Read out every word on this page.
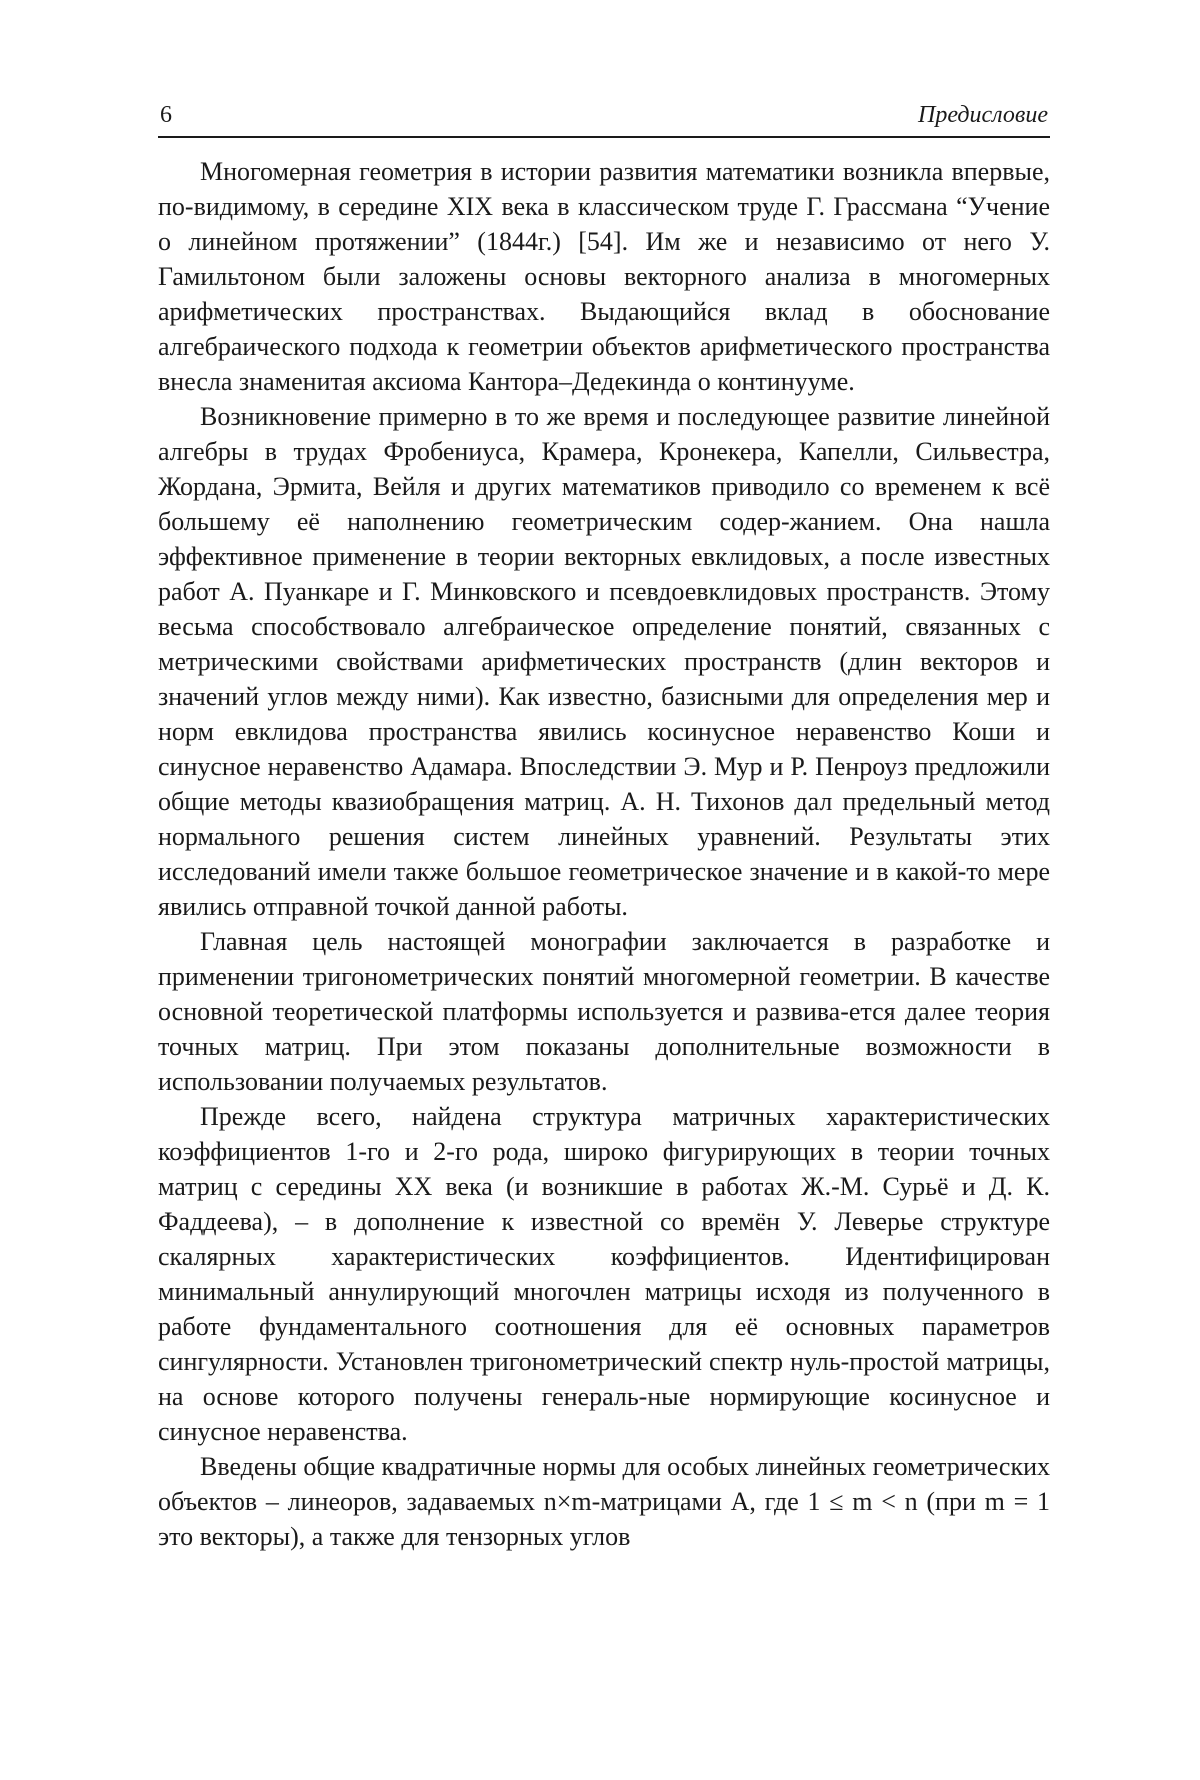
6	Предисловие

Многомерная геометрия в истории развития математики возникла впервые, по-видимому, в середине XIX века в классическом труде Г. Грассмана “Учение о линейном протяжении” (1844г.) [54]. Им же и независимо от него У. Гамильтоном были заложены основы векторного анализа в многомерных арифметических пространствах. Выдающийся вклад в обоснование алгебраического подхода к геометрии объектов арифметического пространства внесла знаменитая аксиома Кантора–Дедекинда о континууме.

Возникновение примерно в то же время и последующее развитие линейной алгебры в трудах Фробениуса, Крамера, Кронекера, Капелли, Сильвестра, Жордана, Эрмита, Вейля и других математиков приводило со временем к всё большему её наполнению геометрическим содер-жанием. Она нашла эффективное применение в теории векторных евклидовых, а после известных работ А. Пуанкаре и Г. Минковского и псевдоевклидовых пространств. Этому весьма способствовало алгебраическое определение понятий, связанных с метрическими свойствами арифметических пространств (длин векторов и значений углов между ними). Как известно, базисными для определения мер и норм евклидова пространства явились косинусное неравенство Коши и синусное неравенство Адамара. Впоследствии Э. Мур и Р. Пенроуз предложили общие методы квазиобращения матриц. А. Н. Тихонов дал предельный метод нормального решения систем линейных уравнений. Результаты этих исследований имели также большое геометрическое значение и в какой-то мере явились отправной точкой данной работы.

Главная цель настоящей монографии заключается в разработке и применении тригонометрических понятий многомерной геометрии. В качестве основной теоретической платформы используется и развива-ется далее теория точных матриц. При этом показаны дополнительные возможности в использовании получаемых результатов.

Прежде всего, найдена структура матричных характеристических коэффициентов 1-го и 2-го рода, широко фигурирующих в теории точных матриц с середины XX века (и возникшие в работах Ж.-М. Сурьё и Д. К. Фаддеева), – в дополнение к известной со времён У. Леверье структуре скалярных характеристических коэффициентов. Идентифицирован минимальный аннулирующий многочлен матрицы исходя из полученного в работе фундаментального соотношения для её основных параметров сингулярности. Установлен тригонометрический спектр нуль-простой матрицы, на основе которого получены генераль-ные нормирующие косинусное и синусное неравенства.

Введены общие квадратичные нормы для особых линейных геометрических объектов – линеоров, задаваемых n×m-матрицами A, где 1 ≤ m < n (при m = 1 это векторы), а также для тензорных углов
